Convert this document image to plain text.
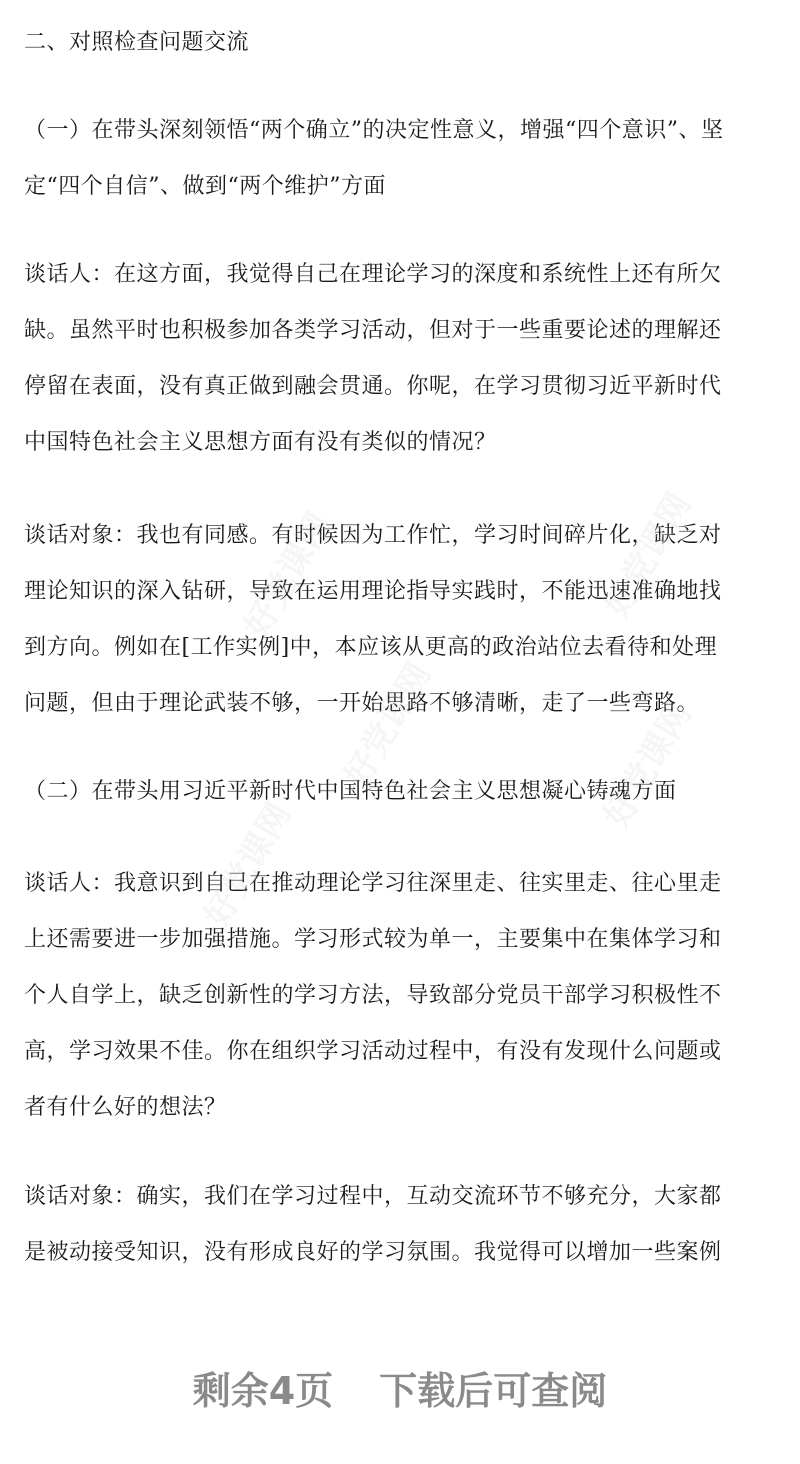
二、对照检查问题交流
（一）在带头深刻领悟“两个确立”的决定性意义，增强“四个意识”、坚
定“四个自信”、做到“两个维护”方面
谈话人：在这方面，我觉得自己在理论学习的深度和系统性上还有所欠
缺。虽然平时也积极参加各类学习活动，但对于一些重要论述的理解还
停留在表面，没有真正做到融会贯通。你呢，在学习贯彻习近平新时代
中国特色社会主义思想方面有没有类似的情况？
谈话对象：我也有同感。有时候因为工作忙，学习时间碎片化，缺乏对
理论知识的深入钻研，导致在运用理论指导实践时，不能迅速准确地找
到方向。例如在[工作实例]中，本应该从更高的政治站位去看待和处理
问题，但由于理论武装不够，一开始思路不够清晰，走了一些弯路。
（二）在带头用习近平新时代中国特色社会主义思想凝心铸魂方面
谈话人：我意识到自己在推动理论学习往深里走、往实里走、往心里走
上还需要进一步加强措施。学习形式较为单一，主要集中在集体学习和
个人自学上，缺乏创新性的学习方法，导致部分党员干部学习积极性不
高，学习效果不佳。你在组织学习活动过程中，有没有发现什么问题或
者有什么好的想法？
谈话对象：确实，我们在学习过程中，互动交流环节不够充分，大家都
是被动接受知识，没有形成良好的学习氛围。我觉得可以增加一些案例
好党课网	好党课网
好党课网	好党课网
好党课网
剩余4页 下载后可查阅
